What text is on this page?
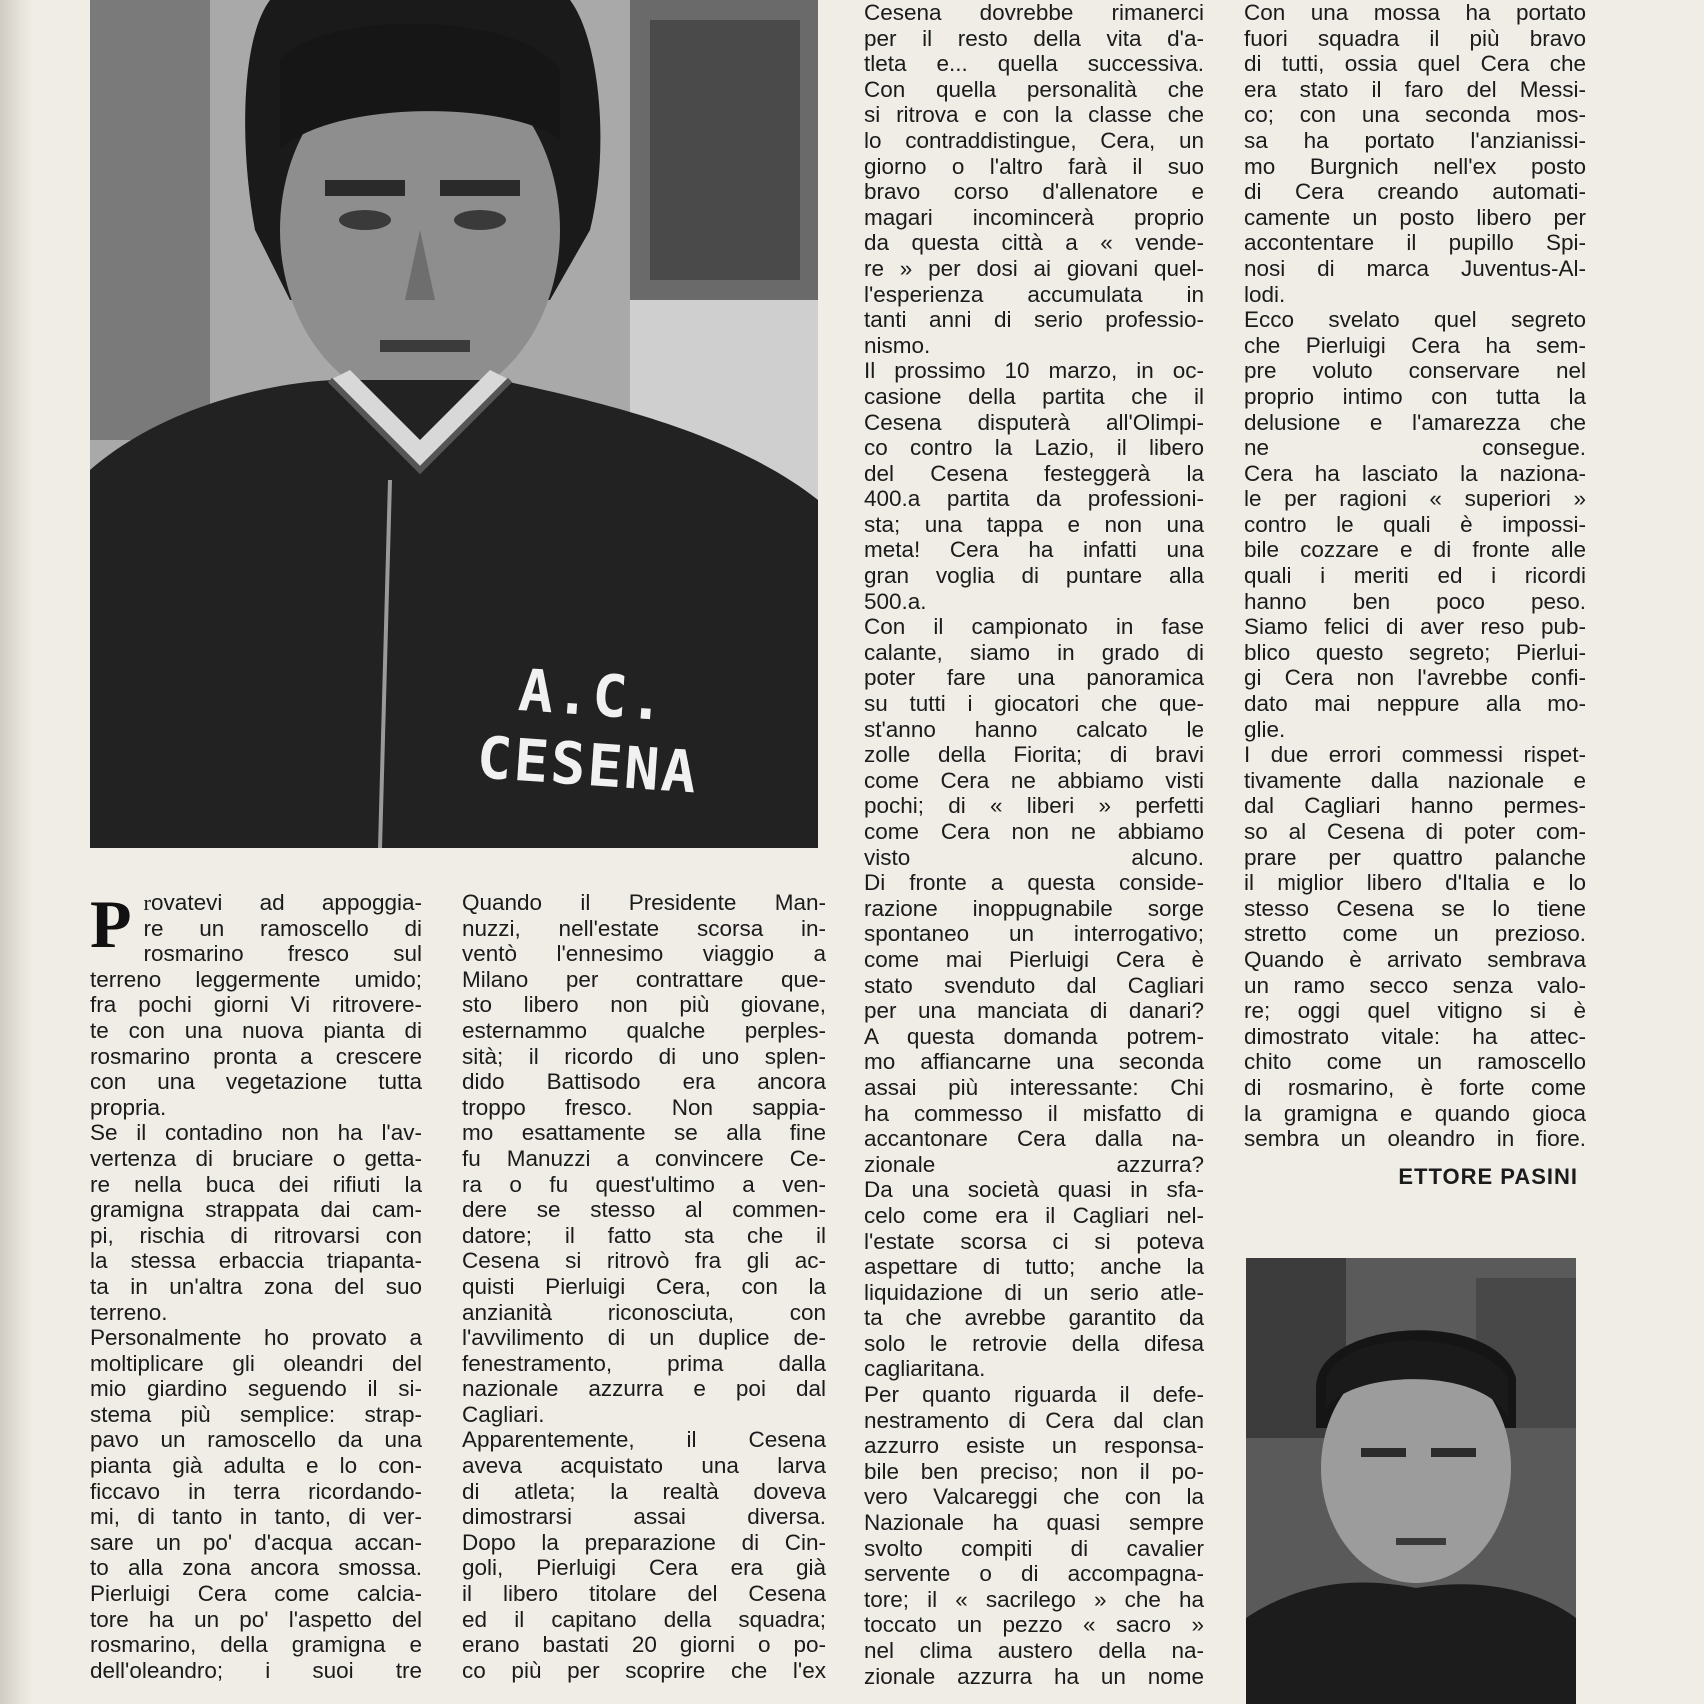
A.C.
CESENA
P rovatevi ad appoggia-
re un ramoscello di
rosmarino fresco sul
terreno leggermente umido;
fra pochi giorni Vi ritrovere-
te con una nuova pianta di
rosmarino pronta a crescere
con una vegetazione tutta
propria.

Se il contadino non ha l'av-
vertenza di bruciare o getta-
re nella buca dei rifiuti la
gramigna strappata dai cam-
pi, rischia di ritrovarsi con
la stessa erbaccia triapanta-
ta in un'altra zona del suo
terreno.

Personalmente ho provato a
moltiplicare gli oleandri del
mio giardino seguendo il si-
stema più semplice: strap-
pavo un ramoscello da una
pianta già adulta e lo con-
ficcavo in terra ricordando-
mi, di tanto in tanto, di ver-
sare un po' d'acqua accan-
to alla zona ancora smossa.
Pierluigi Cera come calcia-
tore ha un po' l'aspetto del
rosmarino, della gramigna e
dell'oleandro; i suoi tre

Quando il Presidente Man-
nuzzi, nell'estate scorsa in-
ventò l'ennesimo viaggio a
Milano per contrattare que-
sto libero non più giovane,
esternammo qualche perples-
sità; il ricordo di uno splen-
dido Battisodo era ancora
troppo fresco. Non sappia-
mo esattamente se alla fine
fu Manuzzi a convincere Ce-
ra o fu quest'ultimo a ven-
dere se stesso al commen-
datore; il fatto sta che il
Cesena si ritrovò fra gli ac-
quisti Pierluigi Cera, con la
anzianità riconosciuta, con
l'avvilimento di un duplice de-
fenestramento, prima dalla
nazionale azzurra e poi dal
Cagliari.

Apparentemente, il Cesena
aveva acquistato una larva
di atleta; la realtà doveva
dimostrarsi assai diversa.

Dopo la preparazione di Cin-
goli, Pierluigi Cera era già
il libero titolare del Cesena
ed il capitano della squadra;
erano bastati 20 giorni o po-
co più per scoprire che l'ex

Cesena dovrebbe rimanerci
per il resto della vita d'a-
tleta e... quella successiva.
Con quella personalità che
si ritrova e con la classe che
lo contraddistingue, Cera, un
giorno o l'altro farà il suo
bravo corso d'allenatore e
magari incomincerà proprio
da questa città a « vende-
re » per dosi ai giovani quel-
l'esperienza accumulata in
tanti anni di serio professio-
nismo.

Il prossimo 10 marzo, in oc-
casione della partita che il
Cesena disputerà all'Olimpi-
co contro la Lazio, il libero
del Cesena festeggerà la
400.a partita da professioni-
sta; una tappa e non una
meta! Cera ha infatti una
gran voglia di puntare alla
500.a.

Con il campionato in fase
calante, siamo in grado di
poter fare una panoramica
su tutti i giocatori che que-
st'anno hanno calcato le
zolle della Fiorita; di bravi
come Cera ne abbiamo visti
pochi; di « liberi » perfetti
come Cera non ne abbiamo
visto alcuno.

Di fronte a questa conside-
razione inoppugnabile sorge
spontaneo un interrogativo;
come mai Pierluigi Cera è
stato svenduto dal Cagliari
per una manciata di danari?
A questa domanda potrem-
mo affiancarne una seconda
assai più interessante: Chi
ha commesso il misfatto di
accantonare Cera dalla na-
zionale azzurra?

Da una società quasi in sfa-
celo come era il Cagliari nel-
l'estate scorsa ci si poteva
aspettare di tutto; anche la
liquidazione di un serio atle-
ta che avrebbe garantito da
solo le retrovie della difesa
cagliaritana.

Per quanto riguarda il defe-
nestramento di Cera dal clan
azzurro esiste un responsa-
bile ben preciso; non il po-
vero Valcareggi che con la
Nazionale ha quasi sempre
svolto compiti di cavalier
servente o di accompagna-
tore; il « sacrilego » che ha
toccato un pezzo « sacro »
nel clima austero della na-
zionale azzurra ha un nome

Con una mossa ha portato
fuori squadra il più bravo
di tutti, ossia quel Cera che
era stato il faro del Messi-
co; con una seconda mos-
sa ha portato l'anzianissi-
mo Burgnich nell'ex posto
di Cera creando automati-
camente un posto libero per
accontentare il pupillo Spi-
nosi di marca Juventus-Al-
lodi.

Ecco svelato quel segreto
che Pierluigi Cera ha sem-
pre voluto conservare nel
proprio intimo con tutta la
delusione e l'amarezza che
ne consegue.

Cera ha lasciato la naziona-
le per ragioni « superiori »
contro le quali è impossi-
bile cozzare e di fronte alle
quali i meriti ed i ricordi
hanno ben poco peso.

Siamo felici di aver reso pub-
blico questo segreto; Pierlui-
gi Cera non l'avrebbe confi-
dato mai neppure alla mo-
glie.

I due errori commessi rispet-
tivamente dalla nazionale e
dal Cagliari hanno permes-
so al Cesena di poter com-
prare per quattro palanche
il miglior libero d'Italia e lo
stesso Cesena se lo tiene
stretto come un prezioso.
Quando è arrivato sembrava
un ramo secco senza valo-
re; oggi quel vitigno si è
dimostrato vitale: ha attec-
chito come un ramoscello
di rosmarino, è forte come
la gramigna e quando gioca
sembra un oleandro in fiore.

ETTORE PASINI
